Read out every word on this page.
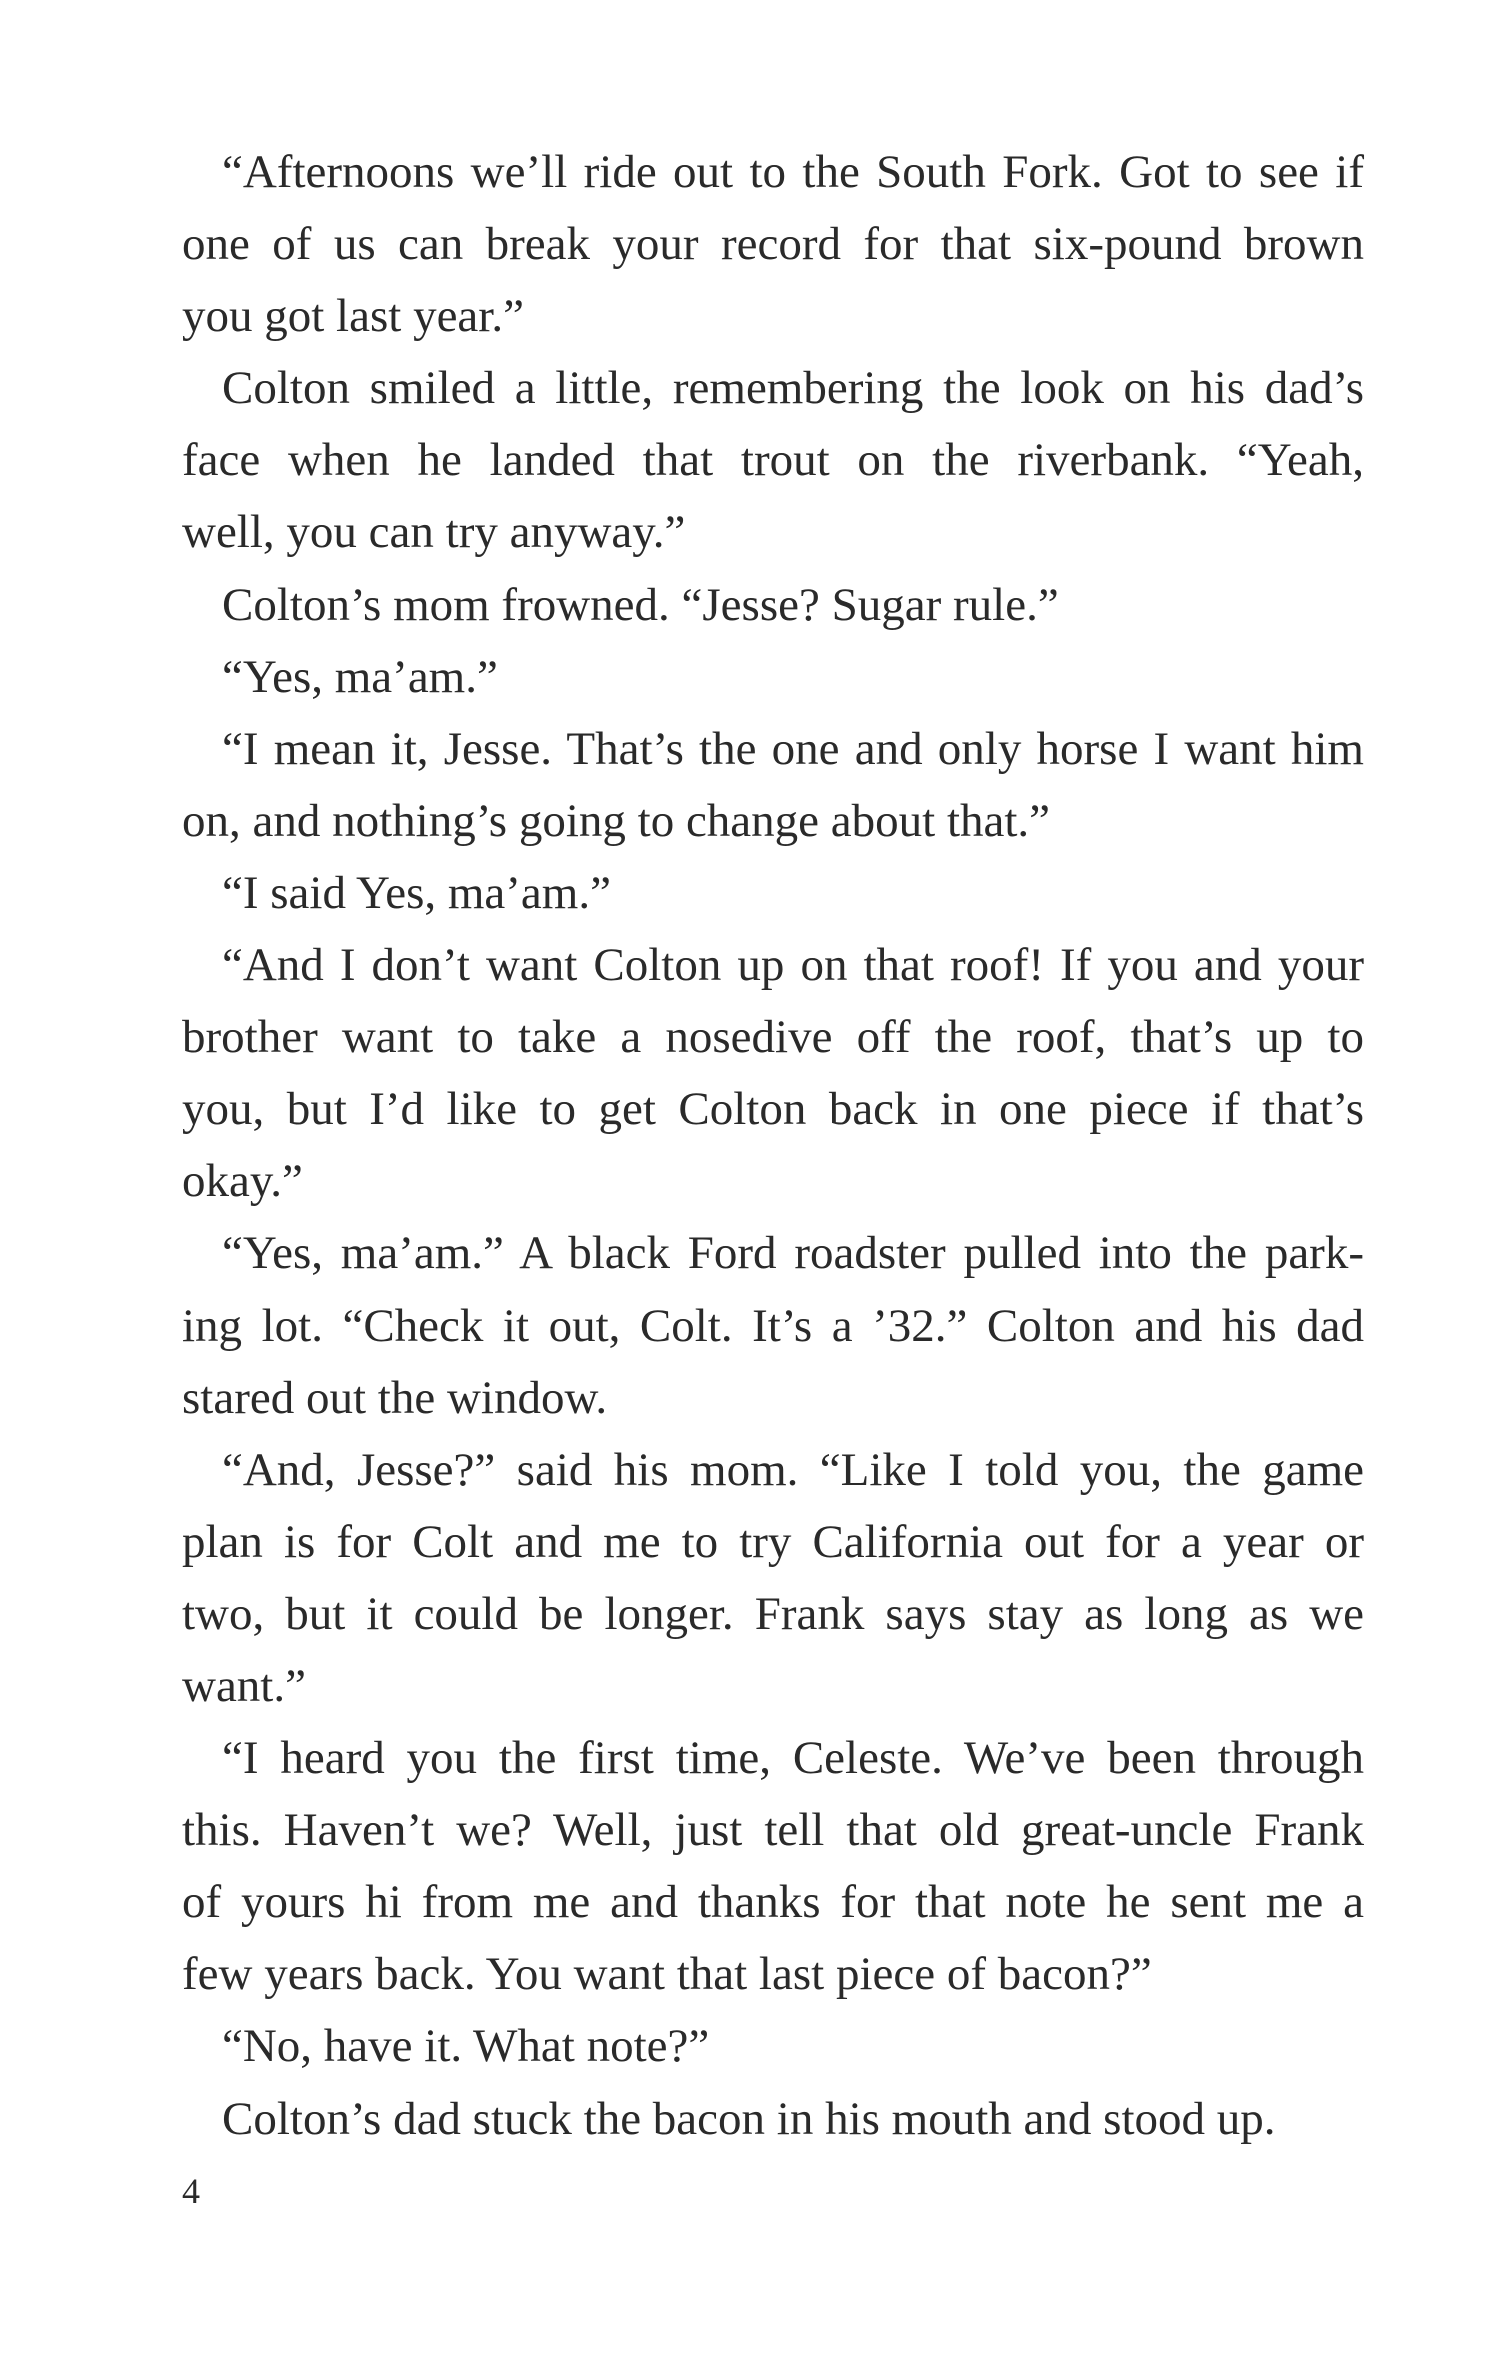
“Afternoons we’ll ride out to the South Fork. Got to see if
one of us can break your record for that six-pound brown
you got last year.”
Colton smiled a little, remembering the look on his dad’s
face when he landed that trout on the riverbank. “Yeah,
well, you can try anyway.”
Colton’s mom frowned. “Jesse? Sugar rule.”
“Yes, ma’am.”
“I mean it, Jesse. That’s the one and only horse I want him
on, and nothing’s going to change about that.”
“I said Yes, ma’am.”
“And I don’t want Colton up on that roof! If you and your
brother want to take a nosedive off the roof, that’s up to
you, but I’d like to get Colton back in one piece if that’s
okay.”
“Yes, ma’am.” A black Ford roadster pulled into the park-
ing lot. “Check it out, Colt. It’s a ’32.” Colton and his dad
stared out the window.
“And, Jesse?” said his mom. “Like I told you, the game
plan is for Colt and me to try California out for a year or
two, but it could be longer. Frank says stay as long as we
want.”
“I heard you the first time, Celeste. We’ve been through
this. Haven’t we? Well, just tell that old great-uncle Frank
of yours hi from me and thanks for that note he sent me a
few years back. You want that last piece of bacon?”
“No, have it. What note?”
Colton’s dad stuck the bacon in his mouth and stood up.
4
